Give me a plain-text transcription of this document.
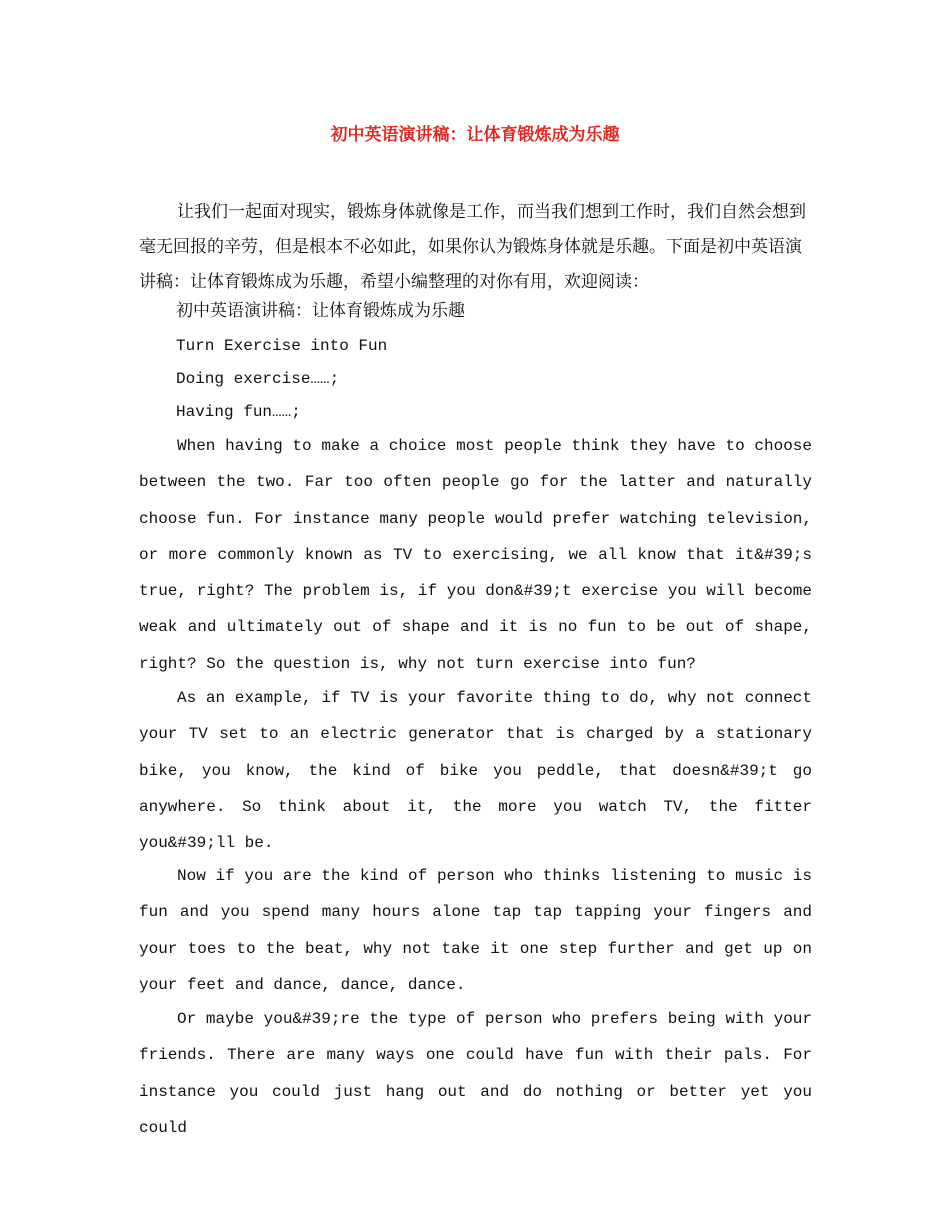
初中英语演讲稿：让体育锻炼成为乐趣

让我们一起面对现实，锻炼身体就像是工作，而当我们想到工作时，我们自然会想到毫无回报的辛劳，但是根本不必如此，如果你认为锻炼身体就是乐趣。下面是初中英语演讲稿：让体育锻炼成为乐趣，希望小编整理的对你有用，欢迎阅读：

初中英语演讲稿：让体育锻炼成为乐趣

Turn Exercise into Fun

Doing exercise……;

Having fun……;

When having to make a choice most people think they have to choose between the two. Far too often people go for the latter and naturally choose fun. For instance many people would prefer watching television, or more commonly known as TV to exercising, we all know that it&#39;s true, right? The problem is, if you don&#39;t exercise you will become weak and ultimately out of shape and it is no fun to be out of shape, right? So the question is, why not turn exercise into fun?

As an example, if TV is your favorite thing to do, why not connect your TV set to an electric generator that is charged by a stationary bike, you know, the kind of bike you peddle, that doesn&#39;t go anywhere. So think about it, the more you watch TV, the fitter you&#39;ll be.

Now if you are the kind of person who thinks listening to music is fun and you spend many hours alone tap tap tapping your fingers and your toes to the beat, why not take it one step further and get up on your feet and dance, dance, dance.

Or maybe you&#39;re the type of person who prefers being with your friends. There are many ways one could have fun with their pals. For instance you could just hang out and do nothing or better yet you could
